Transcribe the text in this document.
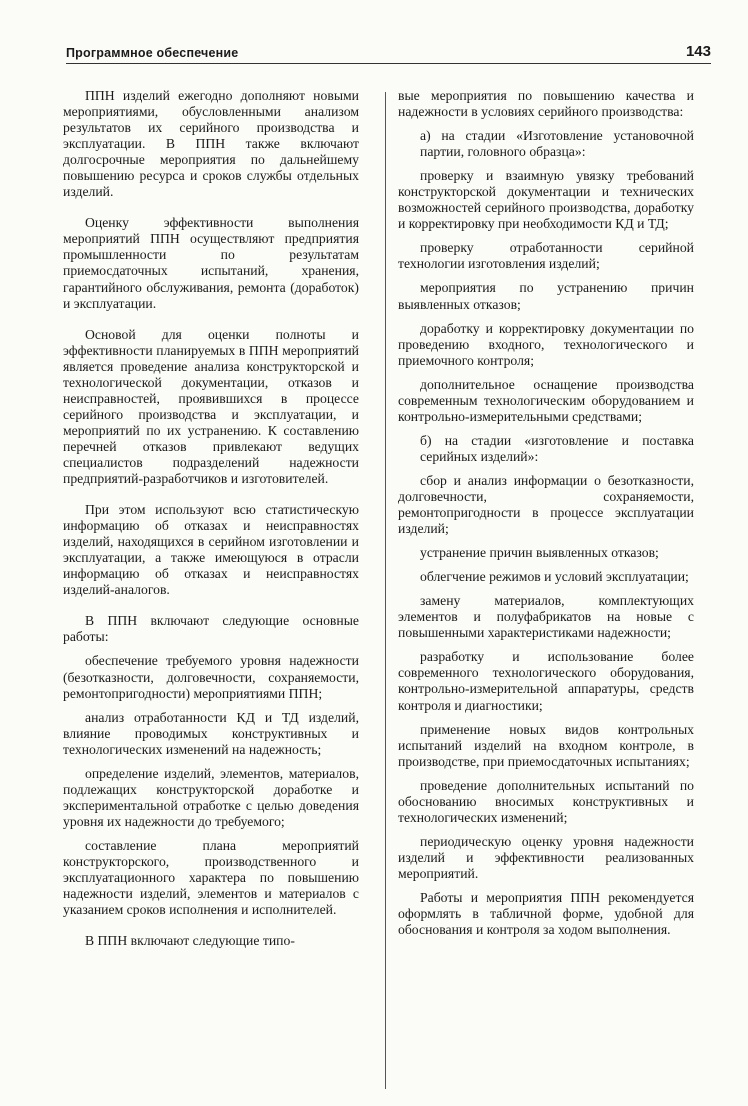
Программное обеспечение	143

ППН изделий ежегодно дополняют новыми мероприятиями, обусловленными анализом результатов их серийного производства и эксплуатации. В ППН также включают долгосрочные мероприятия по дальнейшему повышению ресурса и сроков службы отдельных изделий.

Оценку эффективности выполнения мероприятий ППН осуществляют предприятия промышленности по результатам приемосдаточных испытаний, хранения, гарантийного обслуживания, ремонта (доработок) и эксплуатации.

Основой для оценки полноты и эффективности планируемых в ППН мероприятий является проведение анализа конструкторской и технологической документации, отказов и неисправностей, проявившихся в процессе серийного производства и эксплуатации, и мероприятий по их устранению. К составлению перечней отказов привлекают ведущих специалистов подразделений надежности предприятий-разработчиков и изготовителей.

При этом используют всю статистическую информацию об отказах и неисправностях изделий, находящихся в серийном изготовлении и эксплуатации, а также имеющуюся в отрасли информацию об отказах и неисправностях изделий-аналогов.

В ППН включают следующие основные работы:

обеспечение требуемого уровня надежности (безотказности, долговечности, сохраняемости, ремонтопригодности) мероприятиями ППН;

анализ отработанности КД и ТД изделий, влияние проводимых конструктивных и технологических изменений на надежность;

определение изделий, элементов, материалов, подлежащих конструкторской доработке и экспериментальной отработке с целью доведения уровня их надежности до требуемого;

составление плана мероприятий конструкторского, производственного и эксплуатационного характера по повышению надежности изделий, элементов и материалов с указанием сроков исполнения и исполнителей.

В ППН включают следующие типо-

вые мероприятия по повышению качества и надежности в условиях серийного производства:

а) на стадии «Изготовление установочной партии, головного образца»:

проверку и взаимную увязку требований конструкторской документации и технических возможностей серийного производства, доработку и корректировку при необходимости КД и ТД;

проверку отработанности серийной технологии изготовления изделий;

мероприятия по устранению причин выявленных отказов;

доработку и корректировку документации по проведению входного, технологического и приемочного контроля;

дополнительное оснащение производства современным технологическим оборудованием и контрольно-измерительными средствами;

б) на стадии «изготовление и поставка серийных изделий»:

сбор и анализ информации о безотказности, долговечности, сохраняемости, ремонтопригодности в процессе эксплуатации изделий;

устранение причин выявленных отказов;

облегчение режимов и условий эксплуатации;

замену материалов, комплектующих элементов и полуфабрикатов на новые с повышенными характеристиками надежности;

разработку и использование более современного технологического оборудования, контрольно-измерительной аппаратуры, средств контроля и диагностики;

применение новых видов контрольных испытаний изделий на входном контроле, в производстве, при приемосдаточных испытаниях;

проведение дополнительных испытаний по обоснованию вносимых конструктивных и технологических изменений;

периодическую оценку уровня надежности изделий и эффективности реализованных мероприятий.

Работы и мероприятия ППН рекомендуется оформлять в табличной форме, удобной для обоснования и контроля за ходом выполнения.
